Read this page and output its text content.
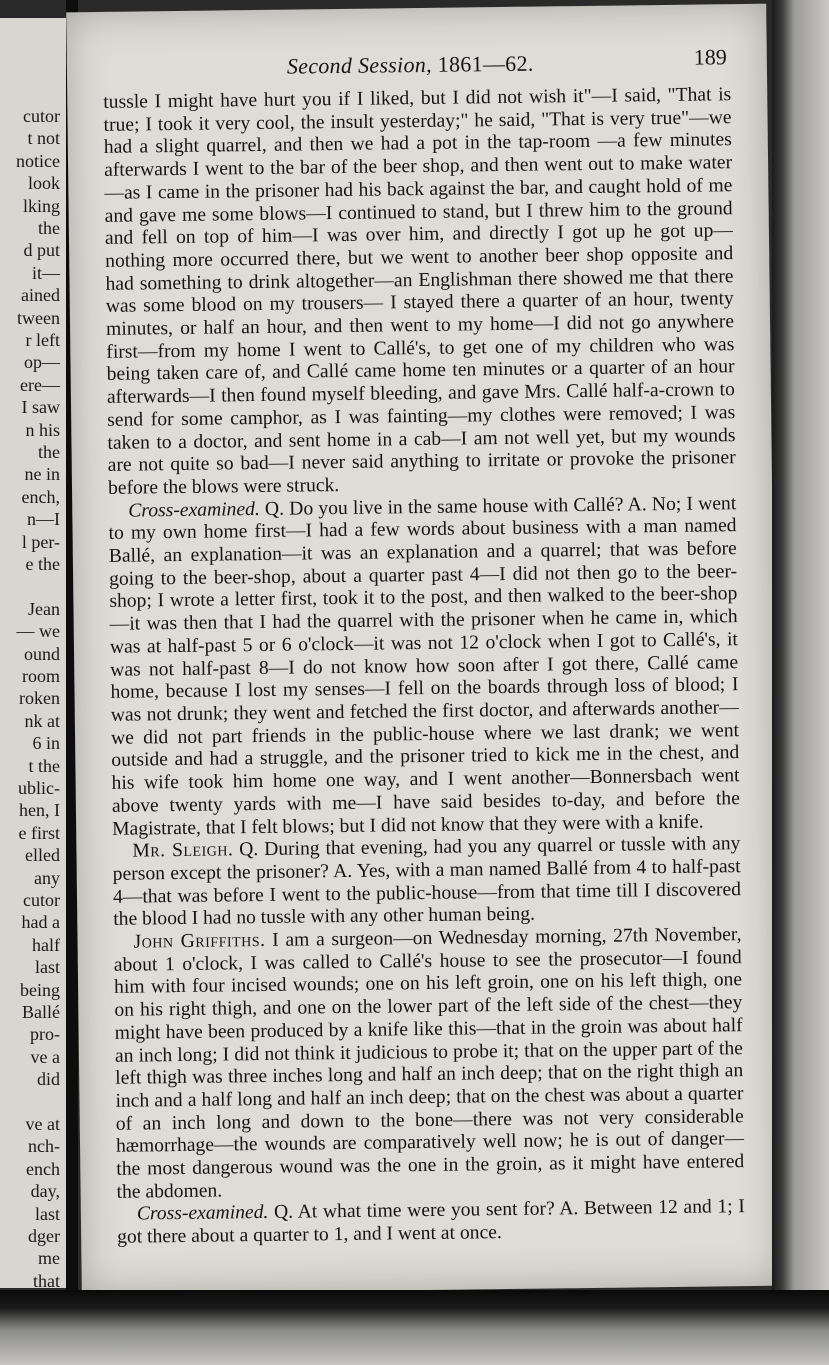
cutor
t not
notice
look
lking
the
d put
it—
ained
tween
r left
op—
ere—
I saw
n his
the
ne in
ench,
n—I
l per-
e the
Jean
— we
ound
room
roken
nk at
6 in
t the
ublic-
hen, I
e first
elled
any
cutor
had a
half
last
being
Ballé
pro-
ve a
did
ve at
nch-
ench
day,
last
dger
me
that
Second Session, 1861—62.	189

tussle I might have hurt you if I liked, but I did not wish it"—I said, "That is true; I took it very cool, the insult yesterday;" he said, "That is very true"—we had a slight quarrel, and then we had a pot in the tap-room —a few minutes afterwards I went to the bar of the beer shop, and then went out to make water—as I came in the prisoner had his back against the bar, and caught hold of me and gave me some blows—I continued to stand, but I threw him to the ground and fell on top of him—I was over him, and directly I got up he got up—nothing more occurred there, but we went to another beer shop opposite and had something to drink altogether—an Englishman there showed me that there was some blood on my trousers— I stayed there a quarter of an hour, twenty minutes, or half an hour, and then went to my home—I did not go anywhere first—from my home I went to Callé's, to get one of my children who was being taken care of, and Callé came home ten minutes or a quarter of an hour afterwards—I then found myself bleeding, and gave Mrs. Callé half-a-crown to send for some camphor, as I was fainting—my clothes were removed; I was taken to a doctor, and sent home in a cab—I am not well yet, but my wounds are not quite so bad—I never said anything to irritate or provoke the prisoner before the blows were struck.

Cross-examined. Q. Do you live in the same house with Callé? A. No; I went to my own home first—I had a few words about business with a man named Ballé, an explanation—it was an explanation and a quarrel; that was before going to the beer-shop, about a quarter past 4—I did not then go to the beer-shop; I wrote a letter first, took it to the post, and then walked to the beer-shop—it was then that I had the quarrel with the prisoner when he came in, which was at half-past 5 or 6 o'clock—it was not 12 o'clock when I got to Callé's, it was not half-past 8—I do not know how soon after I got there, Callé came home, because I lost my senses—I fell on the boards through loss of blood; I was not drunk; they went and fetched the first doctor, and afterwards another—we did not part friends in the public-house where we last drank; we went outside and had a struggle, and the prisoner tried to kick me in the chest, and his wife took him home one way, and I went another—Bonnersbach went above twenty yards with me—I have said besides to-day, and before the Magistrate, that I felt blows; but I did not know that they were with a knife.

Mr. Sleigh. Q. During that evening, had you any quarrel or tussle with any person except the prisoner? A. Yes, with a man named Ballé from 4 to half-past 4—that was before I went to the public-house—from that time till I discovered the blood I had no tussle with any other human being.

John Griffiths. I am a surgeon—on Wednesday morning, 27th November, about 1 o'clock, I was called to Callé's house to see the prosecutor—I found him with four incised wounds; one on his left groin, one on his left thigh, one on his right thigh, and one on the lower part of the left side of the chest—they might have been produced by a knife like this—that in the groin was about half an inch long; I did not think it judicious to probe it; that on the upper part of the left thigh was three inches long and half an inch deep; that on the right thigh an inch and a half long and half an inch deep; that on the chest was about a quarter of an inch long and down to the bone—there was not very considerable hæmorrhage—the wounds are comparatively well now; he is out of danger—the most dangerous wound was the one in the groin, as it might have entered the abdomen.

Cross-examined. Q. At what time were you sent for? A. Between 12 and 1; I got there about a quarter to 1, and I went at once.
